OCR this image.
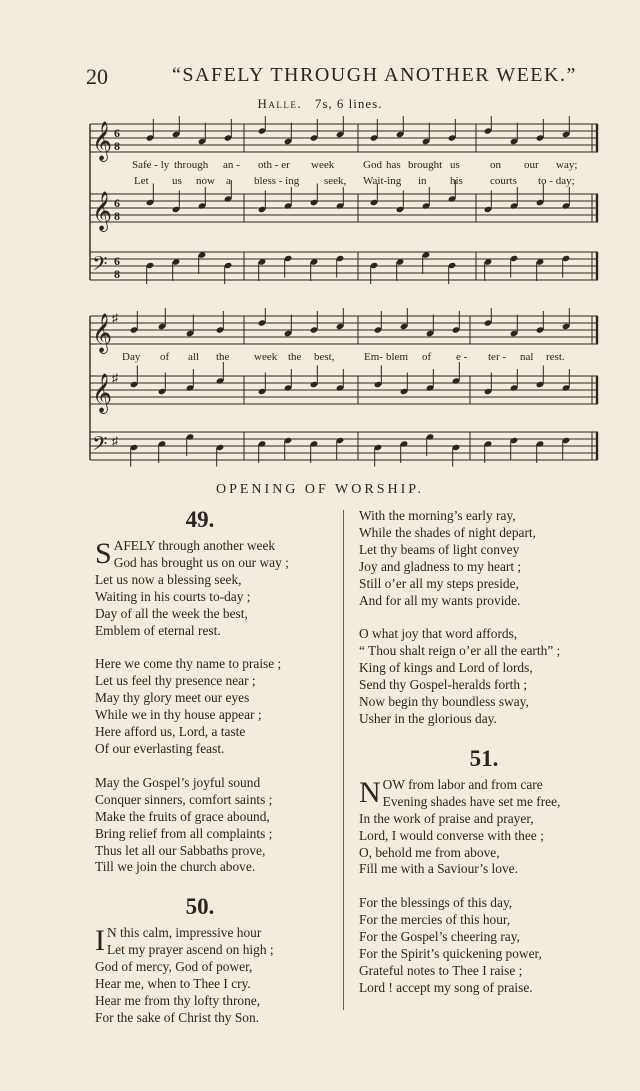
20	“SAFELY THROUGH ANOTHER WEEK.”
Halle. 7s, 6 lines.
𝄞
𝄞
𝄢
6
8
6
8
6
8
Safe - ly through an - oth - er week	God has brought us	on our way;
Let us now a bless - ing seek, Wait-ing in his courts to - day;
𝄞
𝄞
𝄢
♯
♯
♯
Day of all the week the best,	Em- blem of e - ter - nal rest.
OPENING OF WORSHIP.
49.
SAFELY through another week
God has brought us on our way ;
Let us now a blessing seek,
Waiting in his courts to-day ;
Day of all the week the best,
Emblem of eternal rest.
Here we come thy name to praise ;
Let us feel thy presence near ;
May thy glory meet our eyes
While we in thy house appear ;
Here afford us, Lord, a taste
Of our everlasting feast.
May the Gospel’s joyful sound
Conquer sinners, comfort saints ;
Make the fruits of grace abound,
Bring relief from all complaints ;
Thus let all our Sabbaths prove,
Till we join the church above.
50.
I N this calm, impressive hour
Let my prayer ascend on high ;
God of mercy, God of power,
Hear me, when to Thee I cry.
Hear me from thy lofty throne,
For the sake of Christ thy Son.
With the morning’s early ray,
While the shades of night depart,
Let thy beams of light convey
Joy and gladness to my heart ;
Still o’er all my steps preside,
And for all my wants provide.
O what joy that word affords,
“ Thou shalt reign o’er all the earth” ;
King of kings and Lord of lords,
Send thy Gospel-heralds forth ;
Now begin thy boundless sway,
Usher in the glorious day.
51.
NOW from labor and from care
Evening shades have set me free,
In the work of praise and prayer,
Lord, I would converse with thee ;
O, behold me from above,
Fill me with a Saviour’s love.
For the blessings of this day,
For the mercies of this hour,
For the Gospel’s cheering ray,
For the Spirit’s quickening power,
Grateful notes to Thee I raise ;
Lord ! accept my song of praise.
